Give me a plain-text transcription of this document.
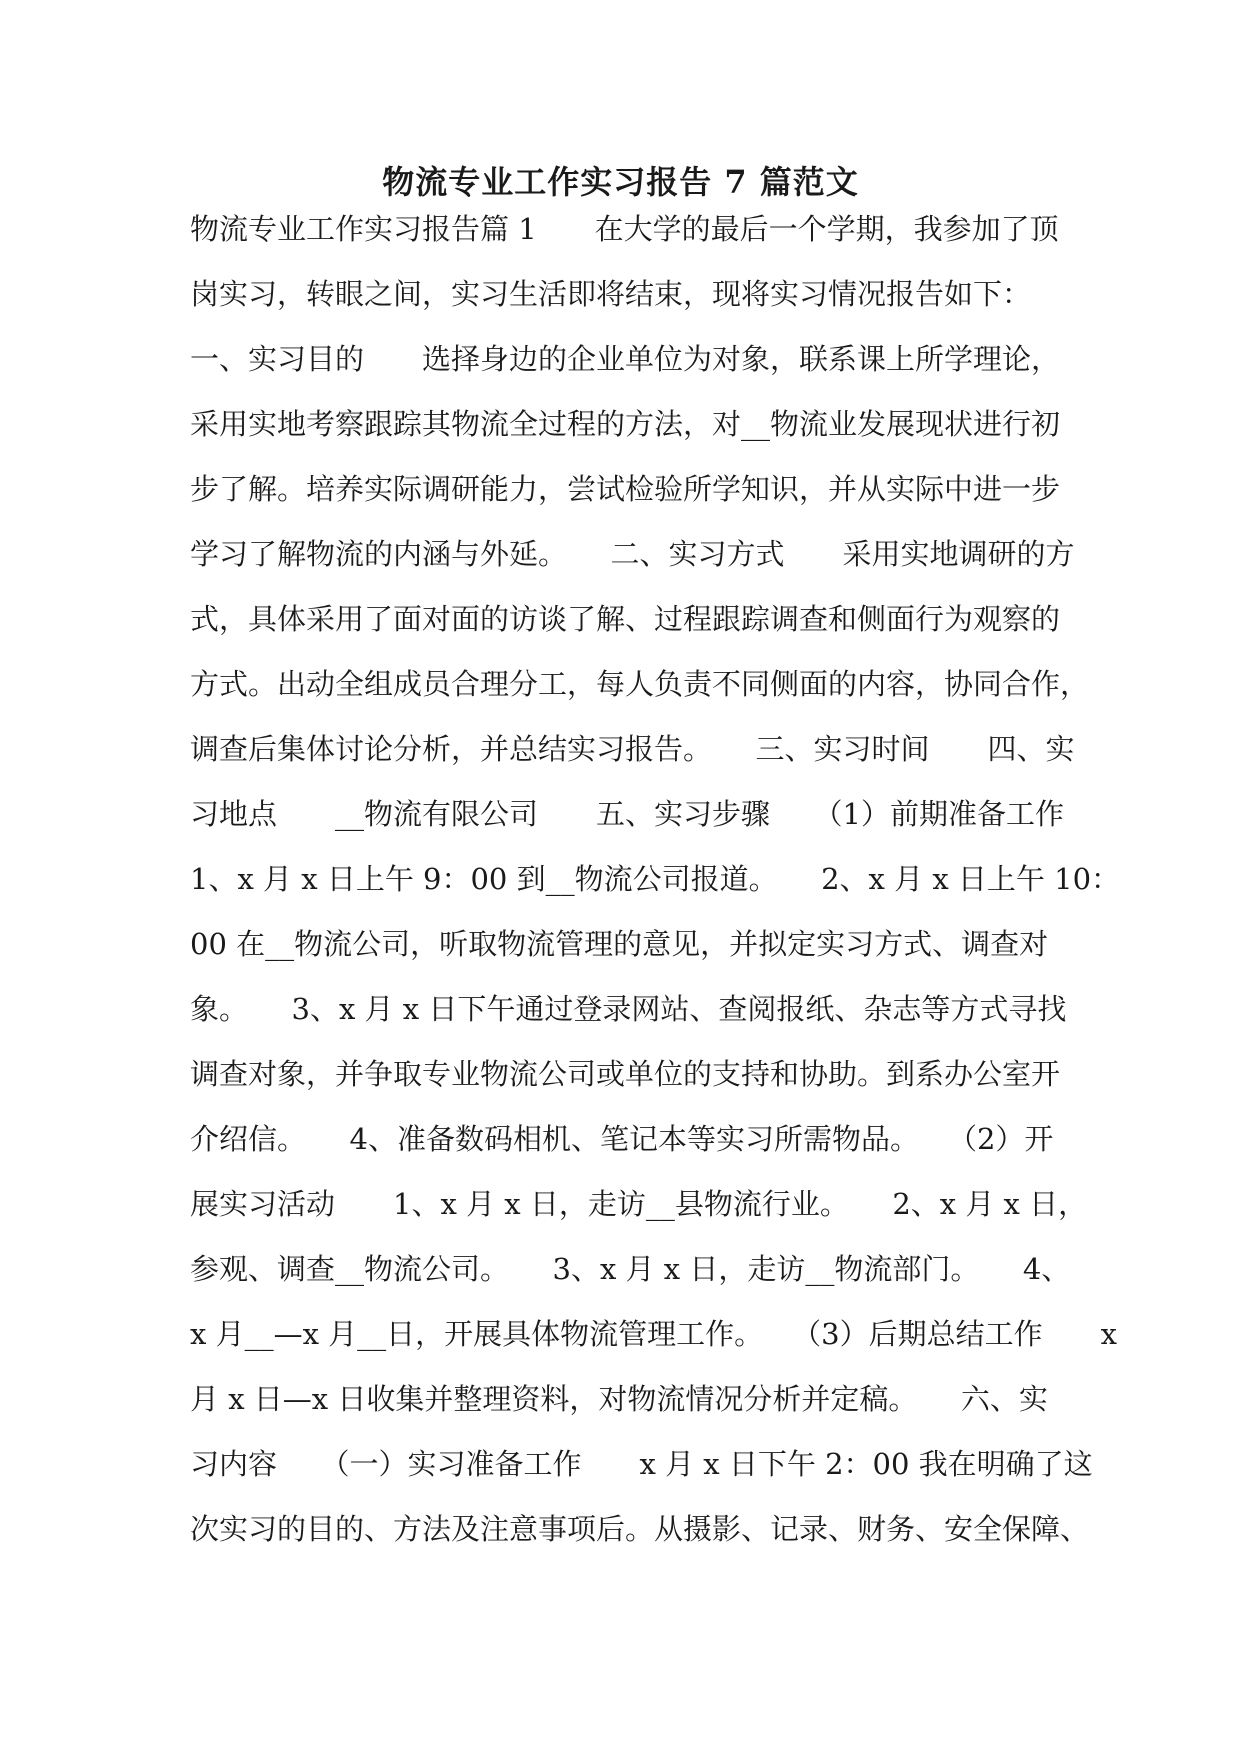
物流专业工作实习报告 7 篇范文
物流专业工作实习报告篇 1　　在大学的最后一个学期，我参加了顶
岗实习，转眼之间，实习生活即将结束，现将实习情况报告如下：
一、实习目的　　选择身边的企业单位为对象，联系课上所学理论，
采用实地考察跟踪其物流全过程的方法，对__物流业发展现状进行初
步了解。培养实际调研能力，尝试检验所学知识，并从实际中进一步
学习了解物流的内涵与外延。　　二、实习方式　　采用实地调研的方
式，具体采用了面对面的访谈了解、过程跟踪调查和侧面行为观察的
方式。出动全组成员合理分工，每人负责不同侧面的内容，协同合作，
调查后集体讨论分析，并总结实习报告。　　三、实习时间　　四、实
习地点　　__物流有限公司　　五、实习步骤　　（1）前期准备工作
1、x 月 x 日上午 9：00 到__物流公司报道。　　2、x 月 x 日上午 10：
00 在__物流公司，听取物流管理的意见，并拟定实习方式、调查对
象。　　3、x 月 x 日下午通过登录网站、查阅报纸、杂志等方式寻找
调查对象，并争取专业物流公司或单位的支持和协助。到系办公室开
介绍信。　　4、准备数码相机、笔记本等实习所需物品。　　（2）开
展实习活动　　1、x 月 x 日，走访__县物流行业。　　2、x 月 x 日，
参观、调查__物流公司。　　3、x 月 x 日，走访__物流部门。　　4、
x 月__—x 月__日，开展具体物流管理工作。　　（3）后期总结工作　　x
月 x 日—x 日收集并整理资料，对物流情况分析并定稿。　　六、实
习内容　　（一）实习准备工作　　x 月 x 日下午 2：00 我在明确了这
次实习的目的、方法及注意事项后。从摄影、记录、财务、安全保障、
